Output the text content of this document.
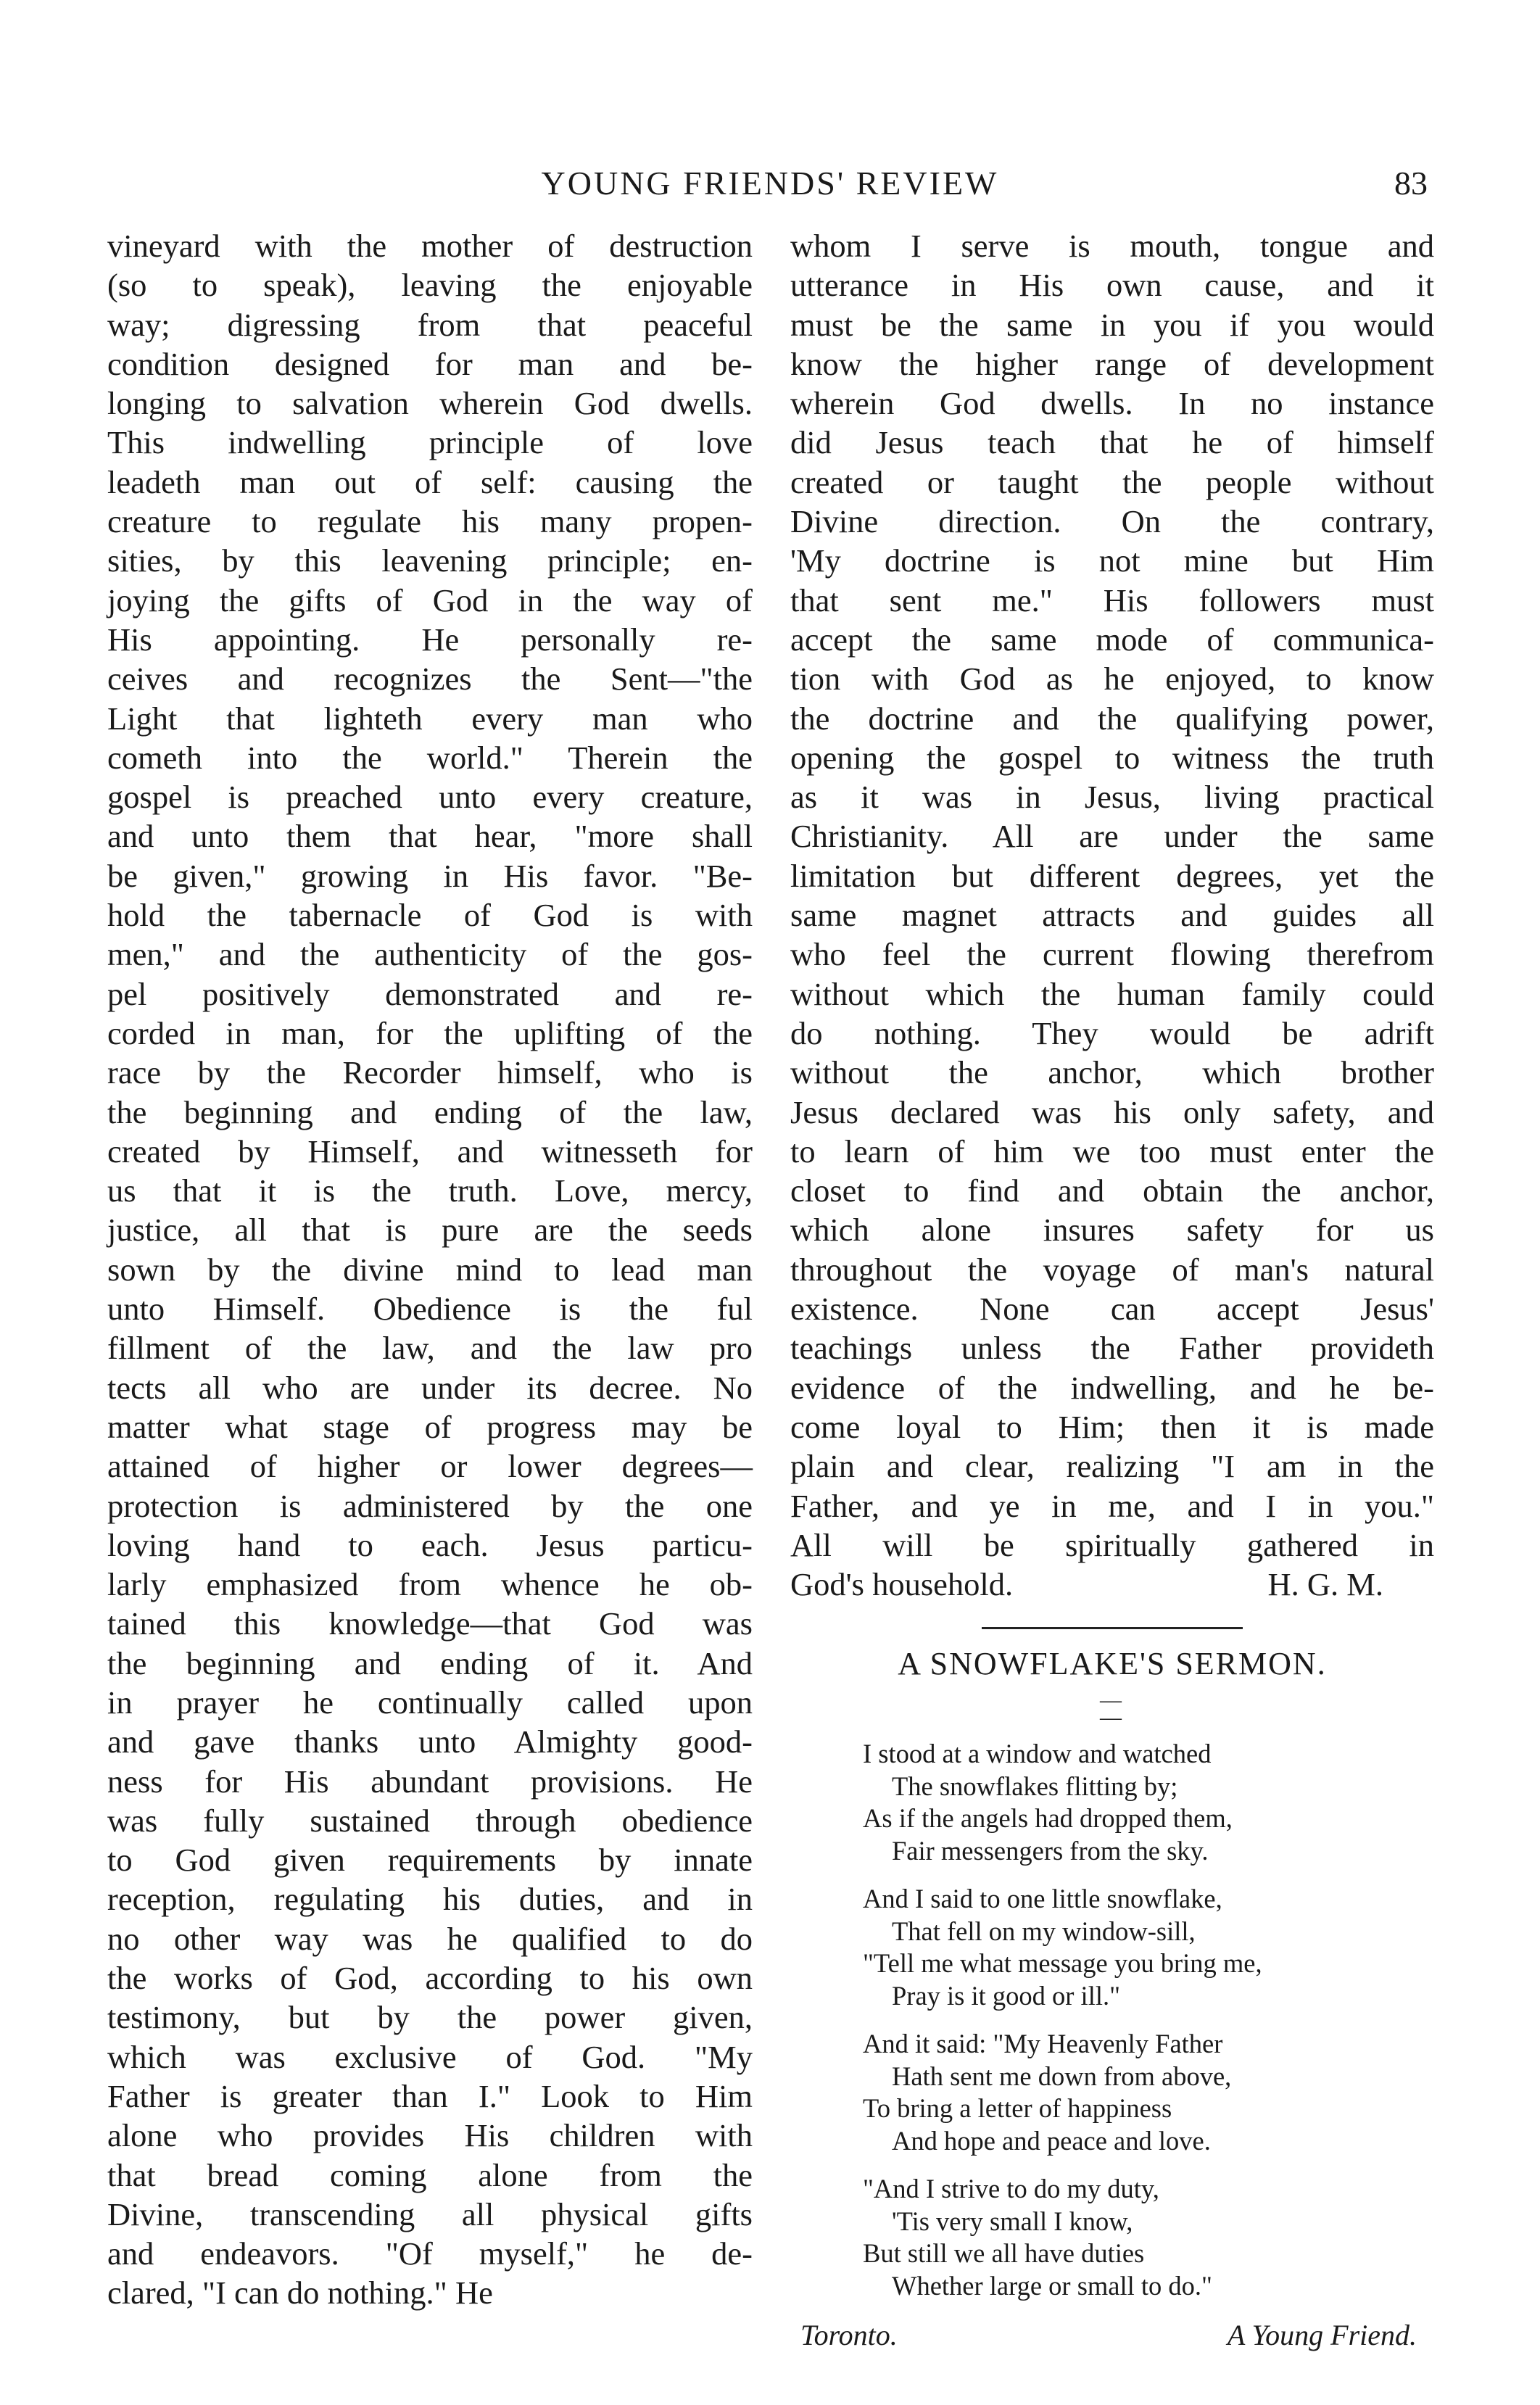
YOUNG FRIENDS' REVIEW	83
vineyard with the mother of destruction
(so to speak), leaving the enjoyable
way; digressing from that peaceful
condition designed for man and be-
longing to salvation wherein God dwells.
This indwelling principle of love
leadeth man out of self: causing the
creature to regulate his many propen-
sities, by this leavening principle; en-
joying the gifts of God in the way of
His appointing. He personally re-
ceives and recognizes the Sent—"the
Light that lighteth every man who
cometh into the world." Therein the
gospel is preached unto every creature,
and unto them that hear, "more shall
be given," growing in His favor. "Be-
hold the tabernacle of God is with
men," and the authenticity of the gos-
pel positively demonstrated and re-
corded in man, for the uplifting of the
race by the Recorder himself, who is
the beginning and ending of the law,
created by Himself, and witnesseth for
us that it is the truth. Love, mercy,
justice, all that is pure are the seeds
sown by the divine mind to lead man
unto Himself. Obedience is the ful
fillment of the law, and the law pro
tects all who are under its decree. No
matter what stage of progress may be
attained of higher or lower degrees—
protection is administered by the one
loving hand to each. Jesus particu-
larly emphasized from whence he ob-
tained this knowledge—that God was
the beginning and ending of it. And
in prayer he continually called upon
and gave thanks unto Almighty good-
ness for His abundant provisions. He
was fully sustained through obedience
to God given requirements by innate
reception, regulating his duties, and in
no other way was he qualified to do
the works of God, according to his own
testimony, but by the power given,
which was exclusive of God. "My
Father is greater than I." Look to Him
alone who provides His children with
that bread coming alone from the
Divine, transcending all physical gifts
and endeavors. "Of myself," he de-
clared, "I can do nothing." He
whom I serve is mouth, tongue and
utterance in His own cause, and it
must be the same in you if you would
know the higher range of development
wherein God dwells. In no instance
did Jesus teach that he of himself
created or taught the people without
Divine direction. On the contrary,
'My doctrine is not mine but Him
that sent me." His followers must
accept the same mode of communica-
tion with God as he enjoyed, to know
the doctrine and the qualifying power,
opening the gospel to witness the truth
as it was in Jesus, living practical
Christianity. All are under the same
limitation but different degrees, yet the
same magnet attracts and guides all
who feel the current flowing therefrom
without which the human family could
do nothing. They would be adrift
without the anchor, which brother
Jesus declared was his only safety, and
to learn of him we too must enter the
closet to find and obtain the anchor,
which alone insures safety for us
throughout the voyage of man's natural
existence. None can accept Jesus'
teachings unless the Father provideth
evidence of the indwelling, and he be-
come loyal to Him; then it is made
plain and clear, realizing "I am in the
Father, and ye in me, and I in you."
All will be spiritually gathered in
God's household.	H. G. M.
A SNOWFLAKE'S SERMON.
— —
I stood at a window and watched
The snowflakes flitting by;
As if the angels had dropped them,
Fair messengers from the sky.
And I said to one little snowflake,
That fell on my window-sill,
"Tell me what message you bring me,
Pray is it good or ill."
And it said: "My Heavenly Father
Hath sent me down from above,
To bring a letter of happiness
And hope and peace and love.
"And I strive to do my duty,
'Tis very small I know,
But still we all have duties
Whether large or small to do."
Toronto.	A Young Friend.
